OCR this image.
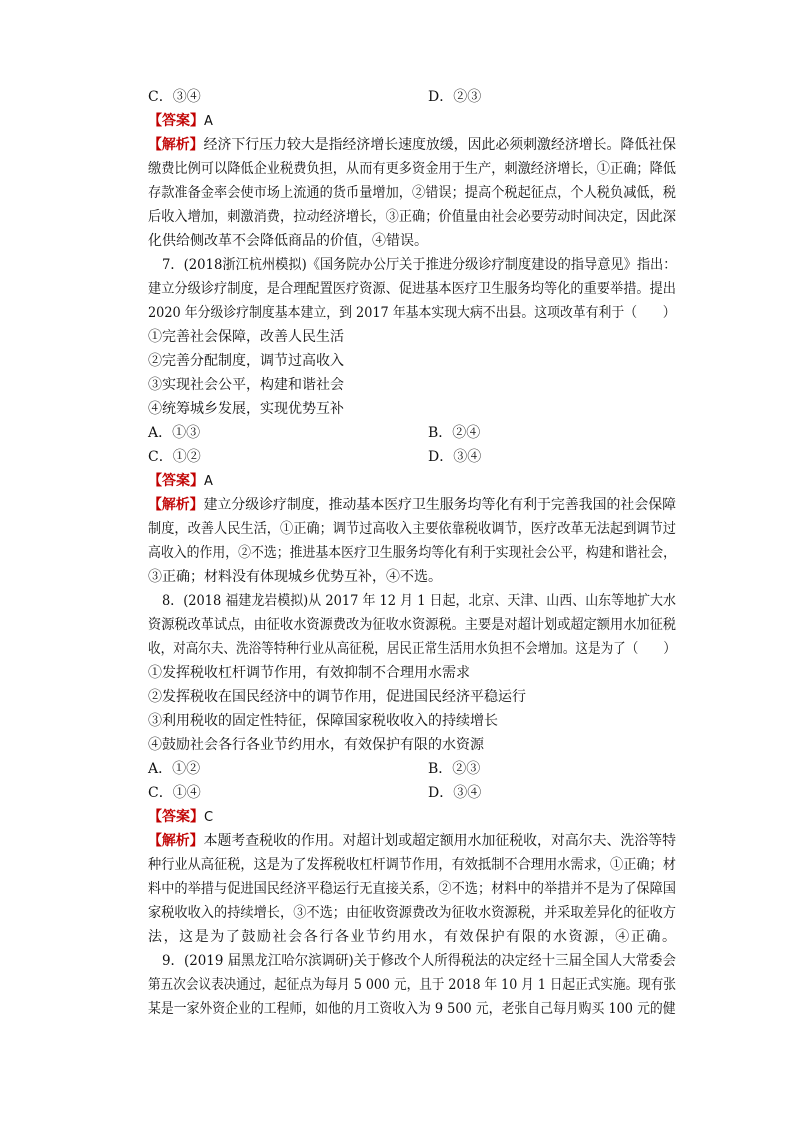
C．③④	D．②③
【答案】A
【解析】经济下行压力较大是指经济增长速度放缓，因此必须刺激经济增长。降低社保
缴费比例可以降低企业税费负担，从而有更多资金用于生产，刺激经济增长，①正确；降低
存款准备金率会使市场上流通的货币量增加，②错误；提高个税起征点，个人税负减低，税
后收入增加，刺激消费，拉动经济增长，③正确；价值量由社会必要劳动时间决定，因此深
化供给侧改革不会降低商品的价值，④错误。
7．(2018浙江杭州模拟)《国务院办公厅关于推进分级诊疗制度建设的指导意见》指出：
建立分级诊疗制度，是合理配置医疗资源、促进基本医疗卫生服务均等化的重要举措。提出
2020 年分级诊疗制度基本建立，到 2017 年基本实现大病不出县。这项改革有利于（　　）
①完善社会保障，改善人民生活
②完善分配制度，调节过高收入
③实现社会公平，构建和谐社会
④统筹城乡发展，实现优势互补
A．①③	B．②④
C．①②	D．③④
【答案】A
【解析】建立分级诊疗制度，推动基本医疗卫生服务均等化有利于完善我国的社会保障
制度，改善人民生活，①正确；调节过高收入主要依靠税收调节，医疗改革无法起到调节过
高收入的作用，②不选；推进基本医疗卫生服务均等化有利于实现社会公平，构建和谐社会，
③正确；材料没有体现城乡优势互补，④不选。
8．(2018 福建龙岩模拟)从 2017 年 12 月 1 日起，北京、天津、山西、山东等地扩大水
资源税改革试点，由征收水资源费改为征收水资源税。主要是对超计划或超定额用水加征税
收，对高尔夫、洗浴等特种行业从高征税，居民正常生活用水负担不会增加。这是为了（　　）
①发挥税收杠杆调节作用，有效抑制不合理用水需求
②发挥税收在国民经济中的调节作用，促进国民经济平稳运行
③利用税收的固定性特征，保障国家税收收入的持续增长
④鼓励社会各行各业节约用水，有效保护有限的水资源
A．①②	B．②③
C．①④	D．③④
【答案】C
【解析】本题考查税收的作用。对超计划或超定额用水加征税收，对高尔夫、洗浴等特
种行业从高征税，这是为了发挥税收杠杆调节作用，有效抵制不合理用水需求，①正确；材
料中的举措与促进国民经济平稳运行无直接关系，②不选；材料中的举措并不是为了保障国
家税收收入的持续增长，③不选；由征收资源费改为征收水资源税，并采取差异化的征收方
法，这是为了鼓励社会各行各业节约用水，有效保护有限的水资源，④正确。
9．(2019 届黑龙江哈尔滨调研)关于修改个人所得税法的决定经十三届全国人大常委会
第五次会议表决通过，起征点为每月 5 000 元，且于 2018 年 10 月 1 日起正式实施。现有张
某是一家外资企业的工程师，如他的月工资收入为 9 500 元，老张自己每月购买 100 元的健
